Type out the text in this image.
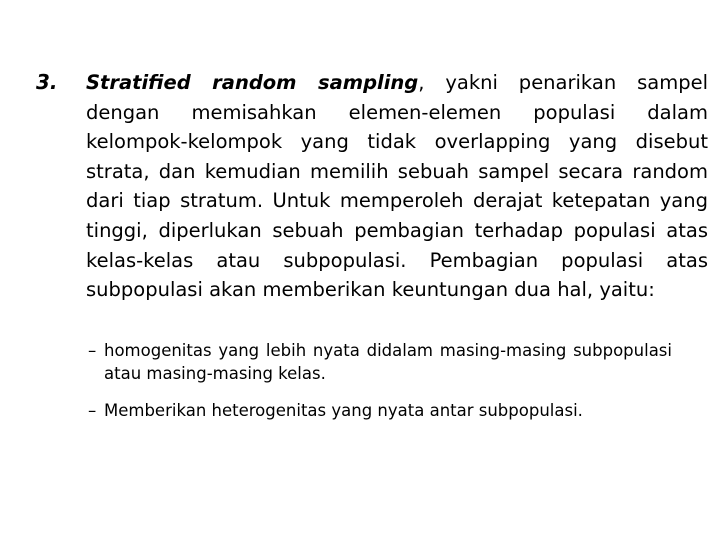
3. Stratified random sampling, yakni penarikan sampel dengan memisahkan elemen-elemen populasi dalam kelompok-kelompok yang tidak overlapping yang disebut strata, dan kemudian memilih sebuah sampel secara random dari tiap stratum. Untuk memperoleh derajat ketepatan yang tinggi, diperlukan sebuah pembagian terhadap populasi atas kelas-kelas atau subpopulasi. Pembagian populasi atas subpopulasi akan memberikan keuntungan dua hal, yaitu:

– homogenitas yang lebih nyata didalam masing-masing subpopulasi atau masing-masing kelas.
– Memberikan heterogenitas yang nyata antar subpopulasi.
